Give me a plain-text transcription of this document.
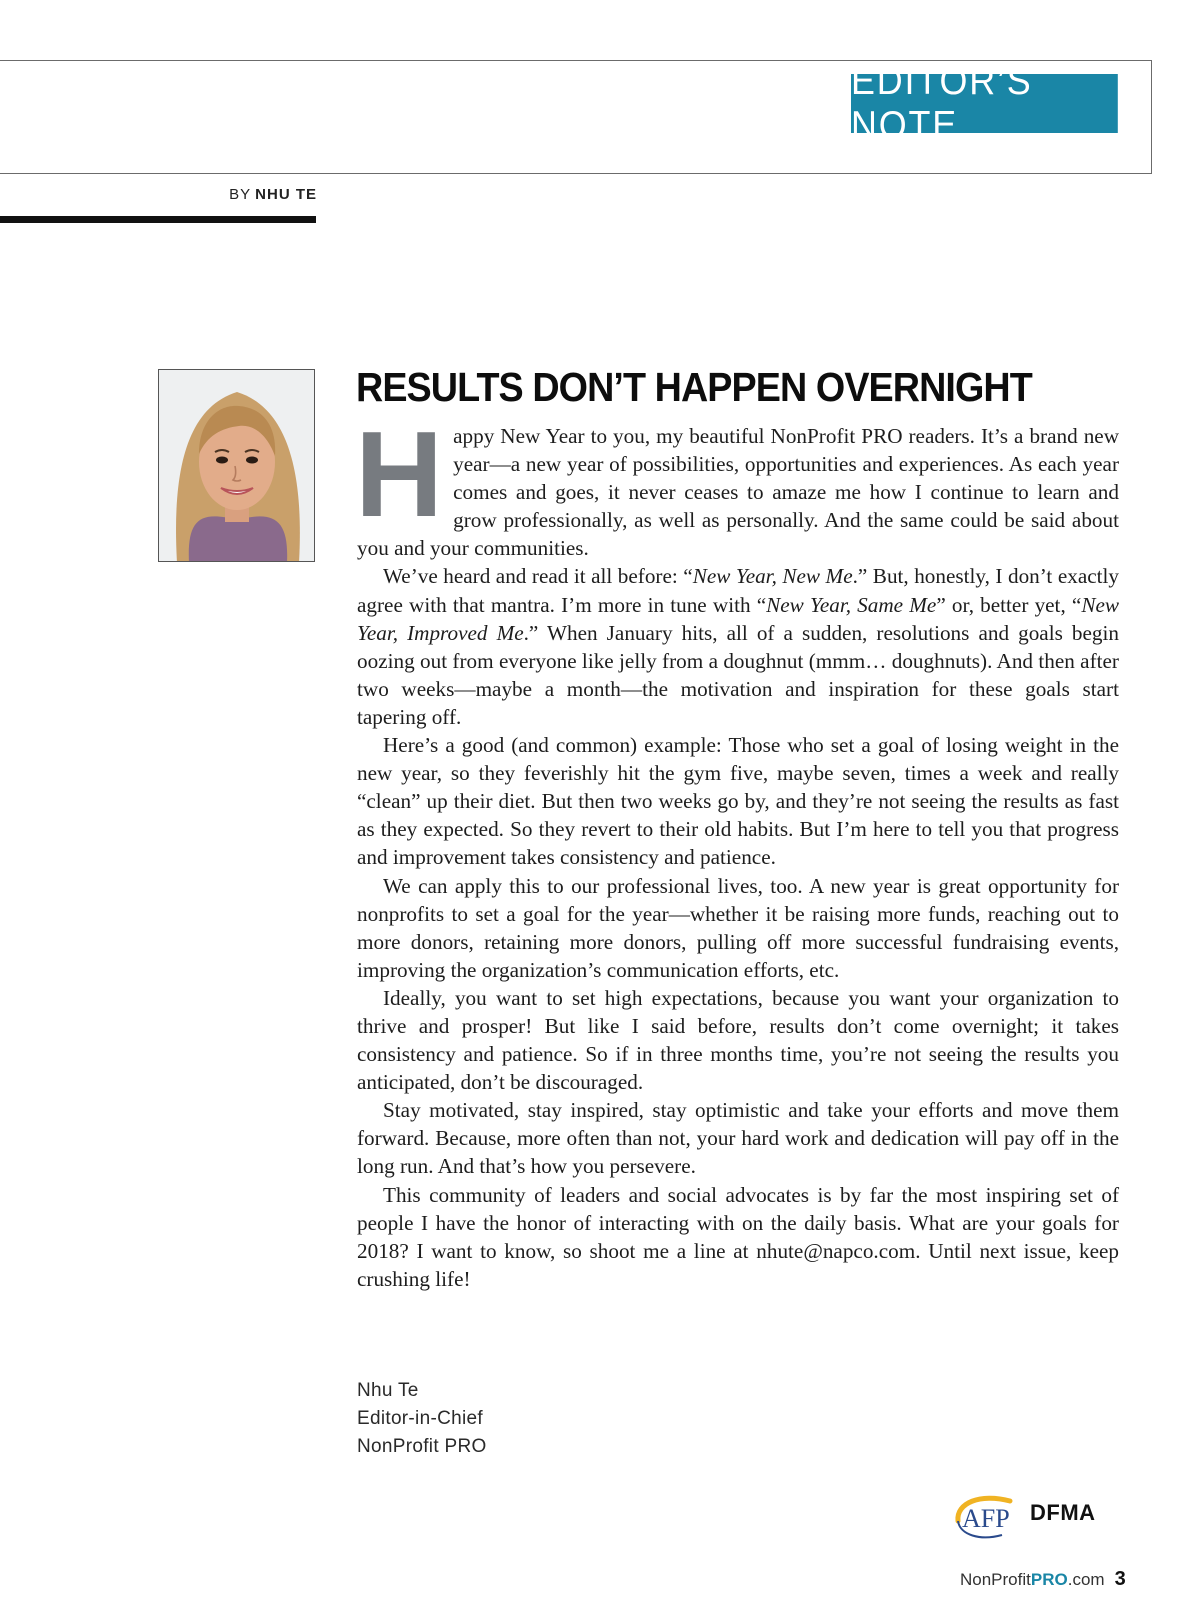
EDITOR’S NOTE
BY NHU TE
RESULTS DON’T HAPPEN OVERNIGHT

Happy New Year to you, my beautiful NonProfit PRO readers. It’s a brand new year—a new year of possibilities, opportunities and experiences. As each year comes and goes, it never ceases to amaze me how I continue to learn and grow professionally, as well as personally. And the same could be said about you and your communities.

We’ve heard and read it all before: “New Year, New Me.” But, honestly, I don’t exactly agree with that mantra. I’m more in tune with “New Year, Same Me” or, better yet, “New Year, Improved Me.” When January hits, all of a sudden, resolutions and goals begin oozing out from everyone like jelly from a doughnut (mmm… doughnuts). And then after two weeks—maybe a month—the motivation and inspiration for these goals start tapering off.

Here’s a good (and common) example: Those who set a goal of losing weight in the new year, so they feverishly hit the gym five, maybe seven, times a week and really “clean” up their diet. But then two weeks go by, and they’re not seeing the results as fast as they expected. So they revert to their old habits. But I’m here to tell you that progress and improvement takes consistency and patience.

We can apply this to our professional lives, too. A new year is great opportunity for nonprofits to set a goal for the year—whether it be raising more funds, reaching out to more donors, retaining more donors, pulling off more successful fundraising events, improving the organization’s communication efforts, etc.

Ideally, you want to set high expectations, because you want your organization to thrive and prosper! But like I said before, results don’t come overnight; it takes consistency and patience. So if in three months time, you’re not seeing the results you anticipated, don’t be discouraged.

Stay motivated, stay inspired, stay optimistic and take your efforts and move them forward. Because, more often than not, your hard work and dedication will pay off in the long run. And that’s how you persevere.

This community of leaders and social advocates is by far the most inspiring set of people I have the honor of interacting with on the daily basis. What are your goals for 2018? I want to know, so shoot me a line at nhute@napco.com. Until next issue, keep crushing life!

Nhu Te
Editor-in-Chief
NonProfit PRO
AFP DFMA
NonProfitPRO.com 3
